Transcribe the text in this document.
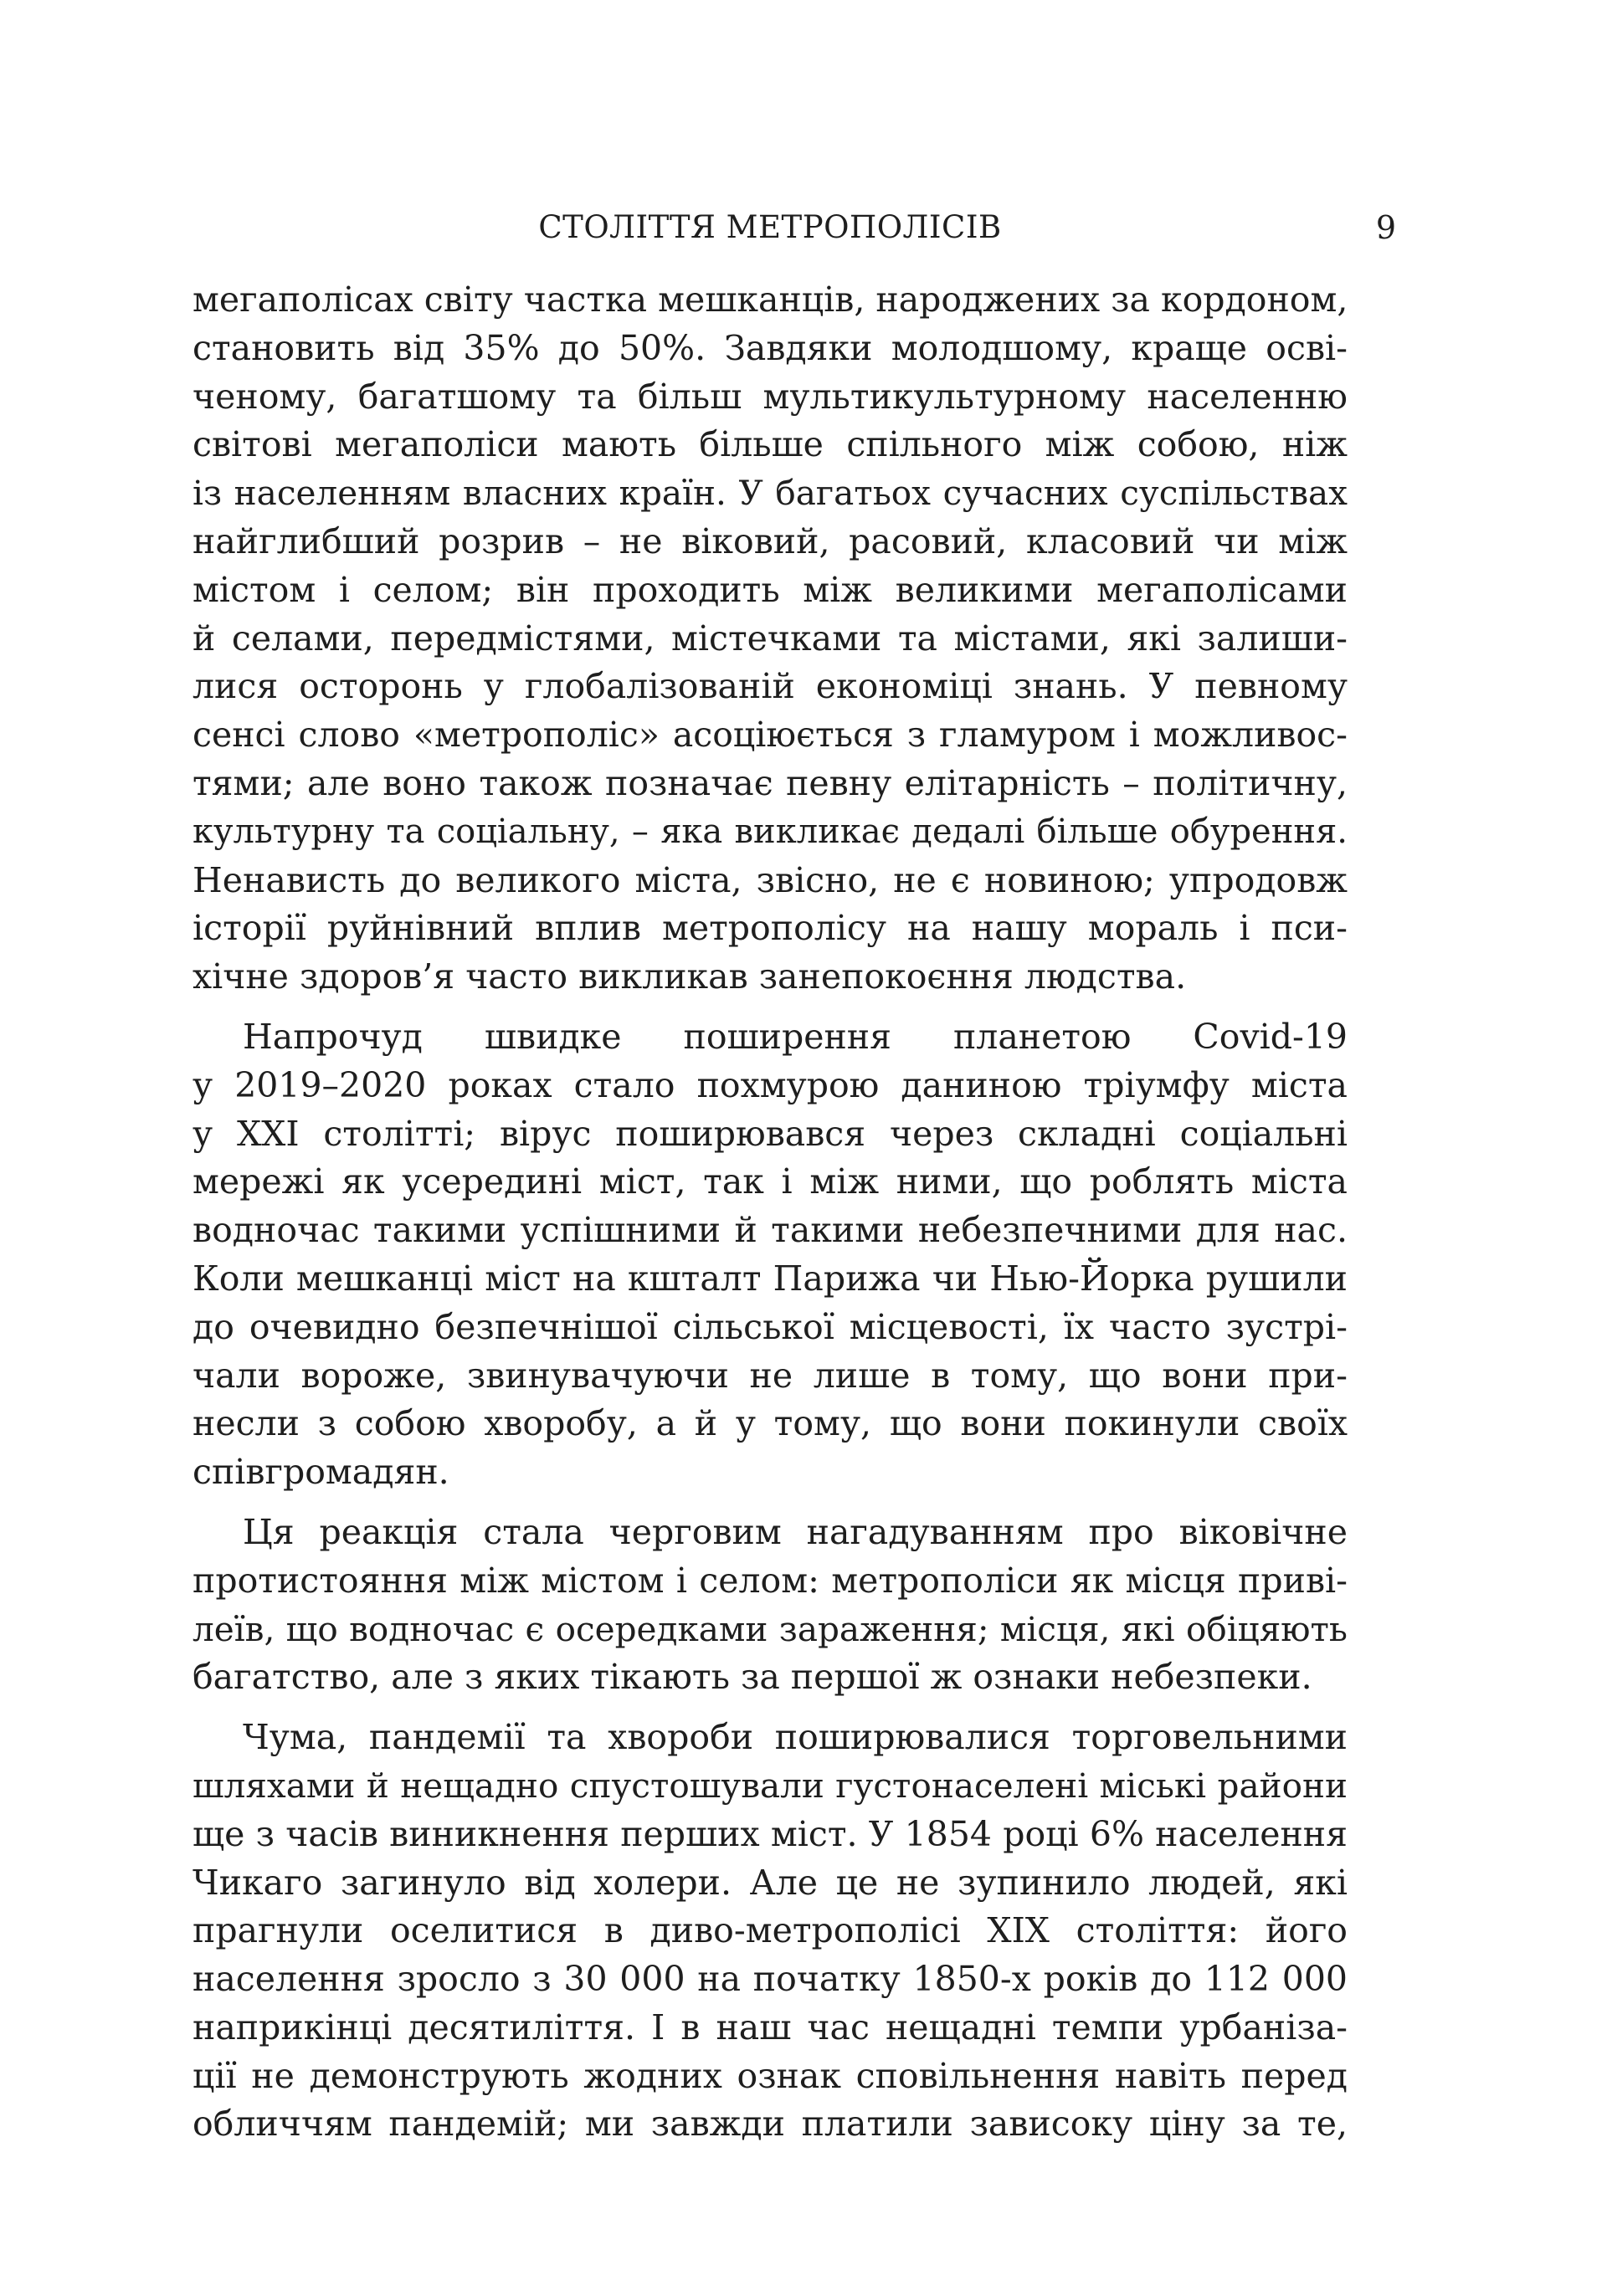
СТОЛІТТЯ МЕТРОПОЛІСІВ	9
мегаполісах світу частка мешканців, народжених за кордоном,
становить від 35% до 50%. Завдяки молодшому, краще осві-
ченому, багатшому та більш мультикультурному населенню
світові мегаполіси мають більше спільного між собою, ніж
із населенням власних країн. У багатьох сучасних суспільствах
найглибший розрив – не віковий, расовий, класовий чи між
містом і селом; він проходить між великими мегаполісами
й селами, передмістями, містечками та містами, які залиши-
лися осторонь у глобалізованій економіці знань. У певному
сенсі слово «метрополіс» асоціюється з гламуром і можливос-
тями; але воно також позначає певну елітарність – політичну,
культурну та соціальну, – яка викликає дедалі більше обурення.
Ненависть до великого міста, звісно, не є новиною; упродовж
історії руйнівний вплив метрополісу на нашу мораль і пси-
хічне здоров’я часто викликав занепокоєння людства.
Напрочуд швидке поширення планетою Covid-19
у 2019–2020 роках стало похмурою даниною тріумфу міста
у XXI столітті; вірус поширювався через складні соціальні
мережі як усередині міст, так і між ними, що роблять міста
водночас такими успішними й такими небезпечними для нас.
Коли мешканці міст на кшталт Парижа чи Нью-Йорка рушили
до очевидно безпечнішої сільської місцевості, їх часто зустрі-
чали вороже, звинувачуючи не лише в тому, що вони при-
несли з собою хворобу, а й у тому, що вони покинули своїх
співгромадян.
Ця реакція стала черговим нагадуванням про віковічне
протистояння між містом і селом: метрополіси як місця приві-
леїв, що водночас є осередками зараження; місця, які обіцяють
багатство, але з яких тікають за першої ж ознаки небезпеки.
Чума, пандемії та хвороби поширювалися торговельними
шляхами й нещадно спустошували густонаселені міські райони
ще з часів виникнення перших міст. У 1854 році 6% населення
Чикаго загинуло від холери. Але це не зупинило людей, які
прагнули оселитися в диво-метрополісі XIX століття: його
населення зросло з 30 000 на початку 1850-х років до 112 000
наприкінці десятиліття. І в наш час нещадні темпи урбаніза-
ції не демонструють жодних ознак сповільнення навіть перед
обличчям пандемій; ми завжди платили зависоку ціну за те,
